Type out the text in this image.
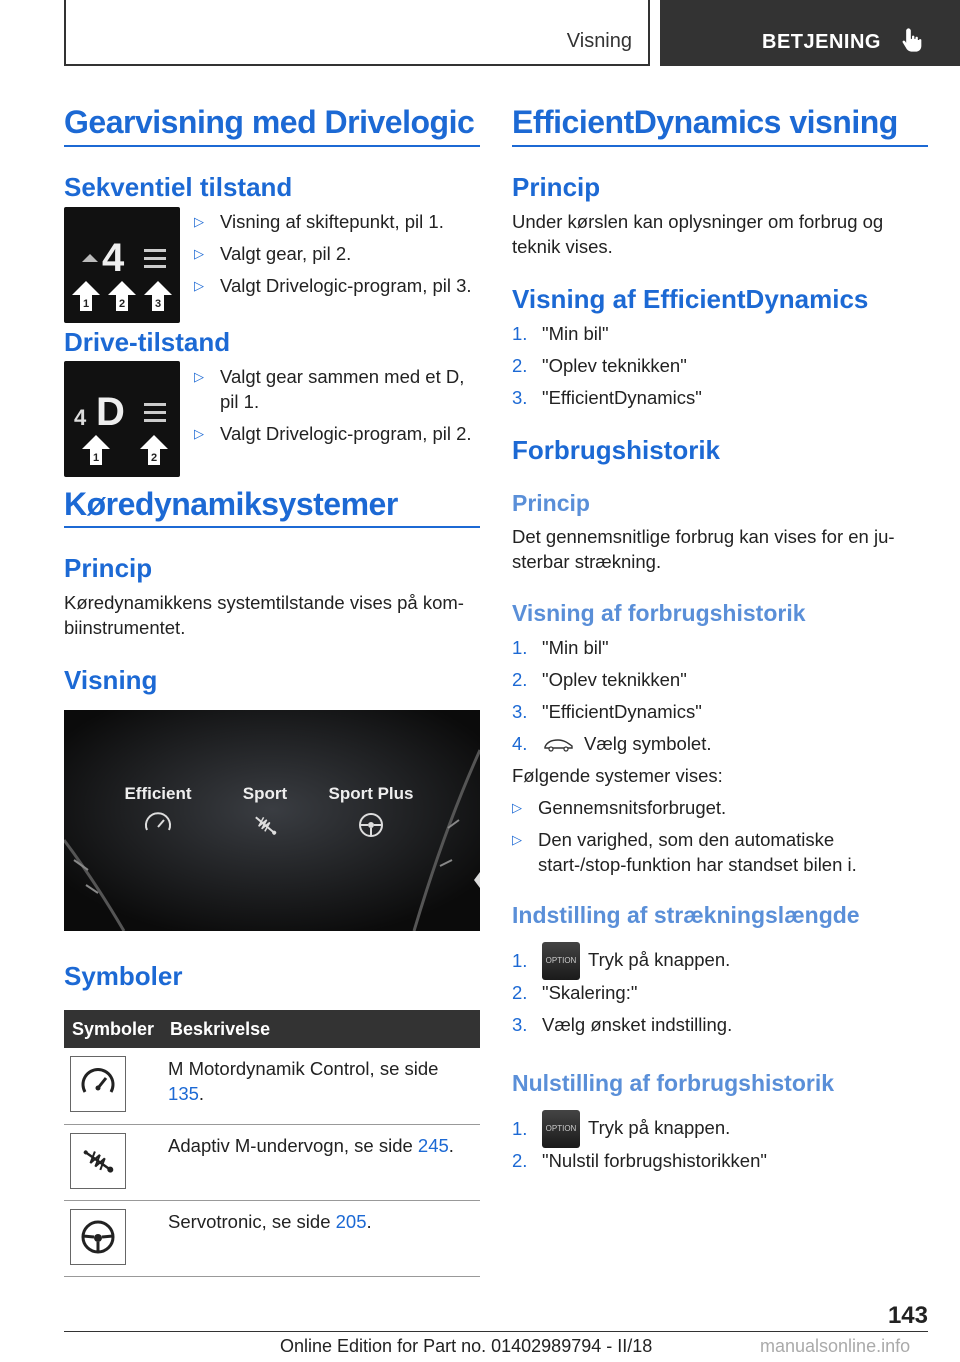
Visning	BETJENING
Gearvisning med Drivelogic
Sekventiel tilstand
4
1	2	3
▷ Visning af skiftepunkt, pil 1.
▷ Valgt gear, pil 2.
▷ Valgt Drivelogic-program, pil 3.
Drive-tilstand
4 D
1	2
▷ Valgt gear sammen med et D, pil 1.
▷ Valgt Drivelogic-program, pil 2.
Køredynamiksystemer
Princip

Køredynamikkens systemtilstande vises på kombiinstrumentet.

Visning
Efficient	Sport Sport Plus
Symboler
Symboler	Beskrivelse

	M Motordynamik Control, se side 135.

	Adaptiv M-undervogn, se side 245.

	Servotronic, se side 205.
EfficientDynamics visning
Princip

Under kørslen kan oplysninger om forbrug og teknik vises.

Visning af EfficientDynamics
1. "Min bil"
2. "Oplev teknikken"
3. "EfficientDynamics"
Forbrugshistorik
Princip

Det gennemsnitlige forbrug kan vises for en justerbar strækning.

Visning af forbrugshistorik
1. "Min bil"
2. "Oplev teknikken"
3. "EfficientDynamics"
4.	Vælg symbolet.

Følgende systemer vises:

▷ Gennemsnitsforbruget.
▷ Den varighed, som den automatiske start-/stop-funktion har standset bilen i.
Indstilling af strækningslængde
1. OPTION Tryk på knappen.
2. "Skalering:"
3. Vælg ønsket indstilling.
Nulstilling af forbrugshistorik
1. OPTION Tryk på knappen.
2. "Nulstil forbrugshistorikken"
143
Online Edition for Part no. 01402989794 - II/18	manualsonline.info
